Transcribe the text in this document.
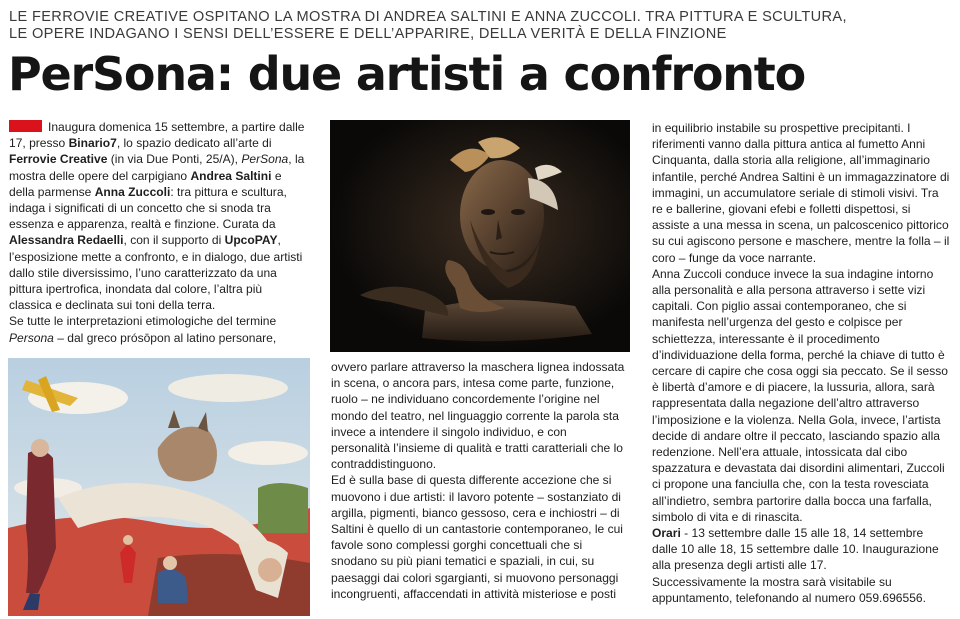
LE FERROVIE CREATIVE OSPITANO LA MOSTRA DI ANDREA SALTINI E ANNA ZUCCOLI. TRA PITTURA E SCULTURA,
LE OPERE INDAGANO I SENSI DELL’ESSERE E DELL’APPARIRE, DELLA VERITÀ E DELLA FINZIONE
PerSona: due artisti a confronto

Inaugura domenica 15 settembre, a partire dalle 17, presso Binario7, lo spazio dedicato all’arte di Ferrovie Creative (in via Due Ponti, 25/A), PerSona, la mostra delle opere del carpigiano Andrea Saltini e della parmense Anna Zuccoli: tra pittura e scultura, indaga i significati di un concetto che si snoda tra essenza e apparenza, realtà e finzione. Curata da Alessandra Redaelli, con il supporto di UpcoPAY, l’esposizione mette a confronto, e in dialogo, due artisti dallo stile diversissimo, l’uno caratterizzato da una pittura ipertrofica, inondata dal colore, l’altra più classica e declinata sui toni della terra.

Se tutte le interpretazioni etimologiche del termine Persona – dal greco prósōpon al latino personare,

ovvero parlare attraverso la maschera lignea indossata in scena, o ancora pars, intesa come parte, funzione, ruolo – ne individuano concordemente l’origine nel mondo del teatro, nel linguaggio corrente la parola sta invece a intendere il singolo individuo, e con personalità l’insieme di qualità e tratti caratteriali che lo contraddistinguono.

Ed è sulla base di questa differente accezione che si muovono i due artisti: il lavoro potente – sostanziato di argilla, pigmenti, bianco gessoso, cera e inchiostri – di Saltini è quello di un cantastorie contemporaneo, le cui favole sono complessi gorghi concettuali che si snodano su più piani tematici e spaziali, in cui, su paesaggi dai colori sgargianti, si muovono personaggi incongruenti, affaccendati in attività misteriose e posti

in equilibrio instabile su prospettive precipitanti. I riferimenti vanno dalla pittura antica al fumetto Anni Cinquanta, dalla storia alla religione, all’immaginario infantile, perché Andrea Saltini è un immagazzinatore di immagini, un accumulatore seriale di stimoli visivi. Tra re e ballerine, giovani efebi e folletti dispettosi, si assiste a una messa in scena, un palcoscenico pittorico su cui agiscono persone e maschere, mentre la folla – il coro – funge da voce narrante.

Anna Zuccoli conduce invece la sua indagine intorno alla personalità e alla persona attraverso i sette vizi capitali. Con piglio assai contemporaneo, che si manifesta nell’urgenza del gesto e colpisce per schiettezza, interessante è il procedimento d’individuazione della forma, perché la chiave di tutto è cercare di capire che cosa oggi sia peccato. Se il sesso è libertà d’amore e di piacere, la lussuria, allora, sarà rappresentata dalla negazione dell’altro attraverso l’imposizione e la violenza. Nella Gola, invece, l’artista decide di andare oltre il peccato, lasciando spazio alla redenzione. Nell’era attuale, intossicata dal cibo spazzatura e devastata dai disordini alimentari, Zuccoli ci propone una fanciulla che, con la testa rovesciata all’indietro, sembra partorire dalla bocca una farfalla, simbolo di vita e di rinascita.

Orari - 13 settembre dalle 15 alle 18, 14 settembre dalle 10 alle 18, 15 settembre dalle 10. Inaugurazione alla presenza degli artisti alle 17.

Successivamente la mostra sarà visitabile su appuntamento, telefonando al numero 059.696556.
